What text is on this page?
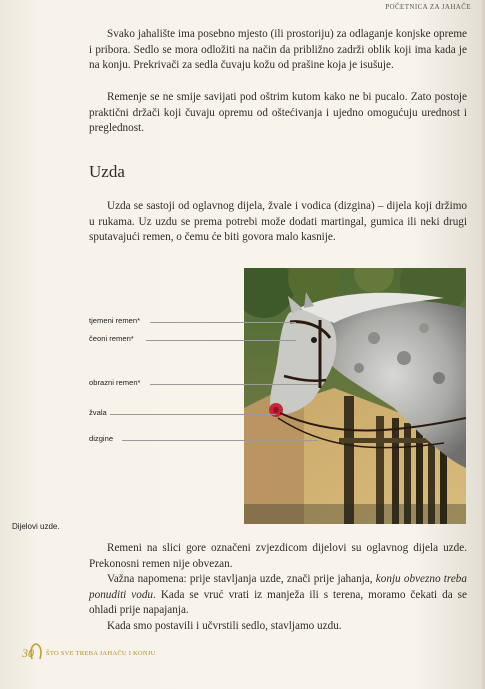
POČETNICA ZA JAHAČE

Svako jahalište ima posebno mjesto (ili prostoriju) za odlaganje konjske opreme i pribora. Sedlo se mora odložiti na način da približno zadrži oblik koji ima kada je na konju. Prekrivači za sedla čuvaju kožu od prašine koja je isušuje.

Remenje se ne smije savijati pod oštrim kutom kako ne bi pucalo. Zato postoje praktični držači koji čuvaju opremu od oštećivanja i ujedno omogućuju urednost i preglednost.

Uzda

Uzda se sastoji od oglavnog dijela, žvale i vodica (dizgina) – dijela koji držimo u rukama. Uz uzdu se prema potrebi može dodati martingal, gumica ili neki drugi sputavajući remen, o čemu će biti govora malo kasnije.

tjemeni remen*
čeoni remen*
obrazni remen*
žvala
dizgine
Dijelovi uzde.

Remeni na slici gore označeni zvjezdicom dijelovi su oglavnog dijela uzde. Prekonosni remen nije obvezan.

Važna napomena: prije stavljanja uzde, znači prije jahanja, konju obvezno treba ponuditi vodu. Kada se vruć vrati iz manježa ili s terena, moramo čekati da se ohladi prije napajanja.

Kada smo postavili i učvrstili sedlo, stavljamo uzdu.

30 ŠTO SVE TREBA JAHAČU I KONJU
